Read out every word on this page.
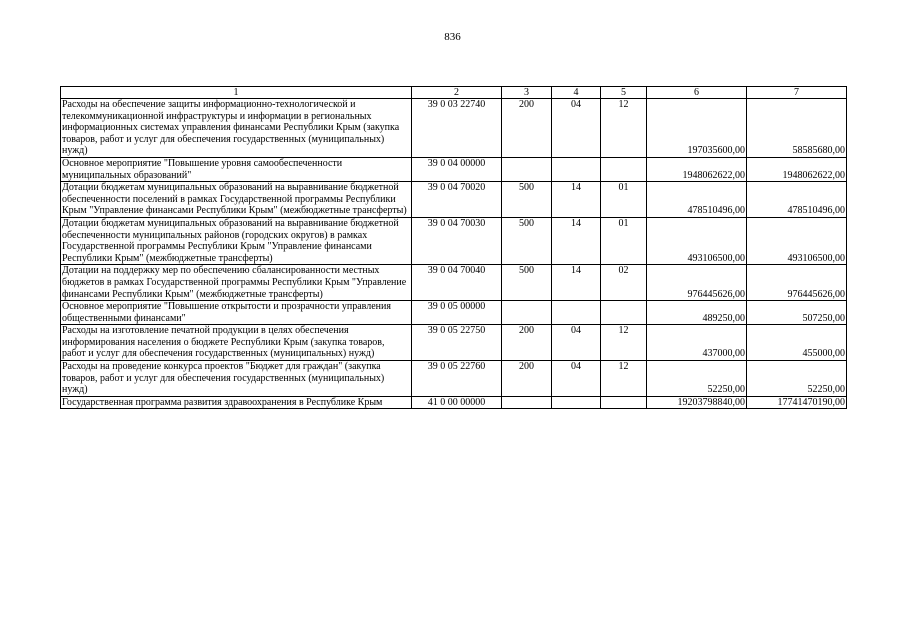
836
1	2	3	4	5	6	7
Расходы на обеспечение защиты информационно-технологической и телекоммуникационной инфраструктуры и информации в региональных информационных системах управления финансами Республики Крым (закупка товаров, работ и услуг для обеспечения государственных (муниципальных) нужд)	39 0 03 22740	200	04	12	197035600,00	58585680,00
Основное мероприятие "Повышение уровня самообеспеченности муниципальных образований"	39 0 04 00000				1948062622,00	1948062622,00
Дотации бюджетам муниципальных образований на выравнивание бюджетной обеспеченности поселений в рамках Государственной программы Республики Крым "Управление финансами Республики Крым" (межбюджетные трансферты)	39 0 04 70020	500	14	01	478510496,00	478510496,00
Дотации бюджетам муниципальных образований на выравнивание бюджетной обеспеченности муниципальных районов (городских округов) в рамках Государственной программы Республики Крым "Управление финансами Республики Крым" (межбюджетные трансферты)	39 0 04 70030	500	14	01	493106500,00	493106500,00
Дотации на поддержку мер по обеспечению сбалансированности местных бюджетов в рамках Государственной программы Республики Крым "Управление финансами Республики Крым" (межбюджетные трансферты)	39 0 04 70040	500	14	02	976445626,00	976445626,00
Основное мероприятие "Повышение открытости и прозрачности управления общественными финансами"	39 0 05 00000				489250,00	507250,00
Расходы на изготовление печатной продукции в целях обеспечения информирования населения о бюджете Республики Крым (закупка товаров, работ и услуг для обеспечения государственных (муниципальных) нужд)	39 0 05 22750	200	04	12	437000,00	455000,00
Расходы на проведение конкурса проектов "Бюджет для граждан" (закупка товаров, работ и услуг для обеспечения государственных (муниципальных) нужд)	39 0 05 22760	200	04	12	52250,00	52250,00
Государственная программа развития здравоохранения в Республике Крым	41 0 00 00000				19203798840,00	17741470190,00
